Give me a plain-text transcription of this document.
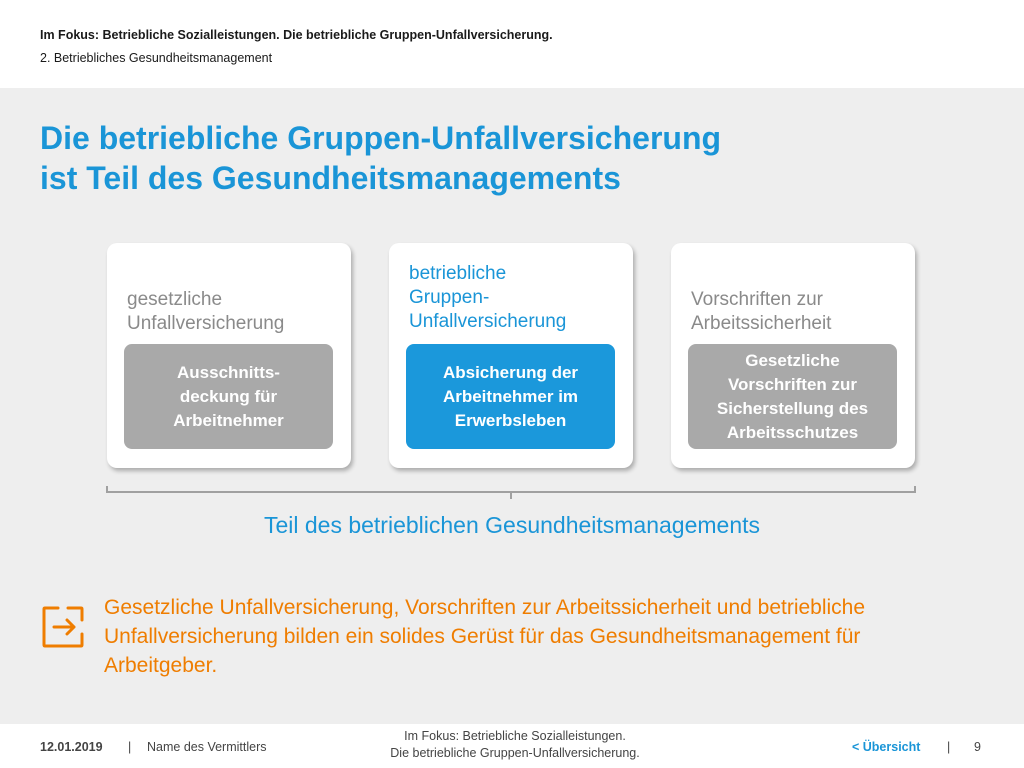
Im Fokus: Betriebliche Sozialleistungen. Die betriebliche Gruppen-Unfallversicherung.
2. Betriebliches Gesundheitsmanagement
Die betriebliche Gruppen-Unfallversicherung
ist Teil des Gesundheitsmanagements
gesetzliche
Unfallversicherung
Ausschnitts-
deckung für
Arbeitnehmer
betriebliche
Gruppen-
Unfallversicherung
Absicherung der
Arbeitnehmer im
Erwerbsleben
Vorschriften zur
Arbeitssicherheit
Gesetzliche
Vorschriften zur
Sicherstellung des
Arbeitsschutzes
Teil des betrieblichen Gesundheitsmanagements
Gesetzliche Unfallversicherung, Vorschriften zur Arbeitssicherheit und betriebliche
Unfallversicherung bilden ein solides Gerüst für das Gesundheitsmanagement für
Arbeitgeber.
12.01.2019 | Name des Vermittlers
Im Fokus: Betriebliche Sozialleistungen.
Die betriebliche Gruppen-Unfallversicherung.	< Übersicht | 9
